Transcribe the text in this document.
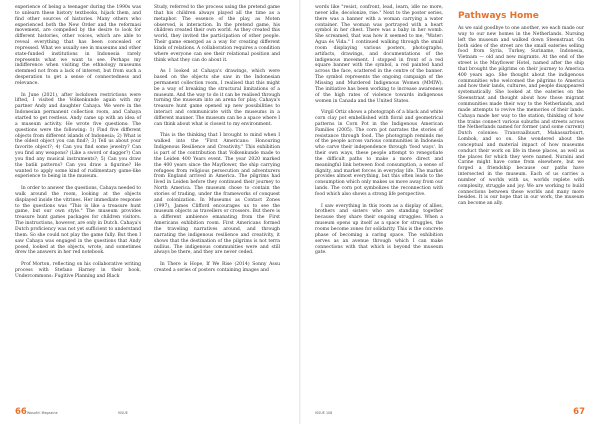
experience of being a teenager during the 1990s was to unlearn these history textbooks, hijack them, and find other sources of histories. Many others who experienced both the New Order and the reformasi movement, are compelled by the desire to look for different histories, other voices, which are able to reveal everything that has been concealed or repressed. What we usually see in museums and other state-funded institutions in Indonesia rarely represents what we want to see. Perhaps my indifference when visiting the ethnology museums stemmed not from a lack of interest, but from such a desperation to get a sense of connectedness and relevance.

In June (2021), after lockdown restrictions were lifted, I visited the Volkenkunde again with my partner Andy and daughter Cahaya. We were in the Indonesian permanent collection room, and Cahaya started to get restless. Andy came up with an idea of a museum activity. He wrote five questions: The questions were the following: 1) Find five different objects from different islands of Indonesia; 2) What is the oldest object you can find?; 3) Tell us about your favorite object?; 4) Can you find some jewelry? Can you find any weapons? (Like a sword or dagger?) Can you find any musical instruments?; 5) Can you draw the batik patterns? Can you draw a figurine? He wanted to apply some kind of rudimentary game-like experience to being in the museum.

In order to answer the questions, Cahaya needed to walk around the room, looking at the objects displayed inside the vitrines. Her immediate response to the questions was "This is like a treasure hunt game, but our own style." The museum provides treasure hunt games packages for children visitors. The instructions, however, are only in Dutch. Cahaya's Dutch proficiency was not yet sufficient to understand them. So she could not play the game fully. But then I saw Cahaya was engaged in the questions that Andy posed, looked at the objects, wrote, and sometimes drew the answers in her red notebook.

Prof Morton, reflecting on his collaborative writing process with Stefano Harney in their book, Undercommons: Fugitive Planning and Black

Study, referred to the process using the pretend game that his children always played all the time as a metaphor. The essence of the play, as Moten observed, is interaction. In the pretend game, his children created their own world. As they created this world, they invited the participation of other people. Their game emerged as a way for creating different kinds of relations. A collaboration requires a condition where everyone can see their relational position and think what they can do about it.

As I looked at Cahaya's drawings, which were based on the objects she saw in the Indonesian permanent collection room, I realised that this might be a way of breaking the structural limitations of a museum. And the way to do it can be realised through turning the museum into an arena for play. Cahaya's treasure hunt game opened up new possibilities to interact and communicate with the museums in a different manner. The museum can be a space where I can think about what is closest to my environment.

This is the thinking that I brought to mind when I walked into the "First Americans: Honouring Indigenous Resilience and Creativity." This exhibition is part of the contribution that Volkenkunde made to the Leiden 400 Years event. The year 2020 marked the 400 years since the Mayflower, the ship carrying refugees from religious persecution and adventurers from England arrived in America. The pilgrims had lived in Leiden before they continued their journey to North America. The museum chose to contain the stories of trading, under the frameworks of conquest and colonization. In Museums as Contact Zones (1997), James Clifford encourages us to see the museum objects as travellers or crossers. But there is a different ambience emanating from the First Americans exhibition room. First Americans formed the traveling narratives around, and through narrating the indigenous resilience and creativity, it shows that the destination of the pilgrims is not terra nullius. The indigenous communities were and still always be there, and they are never ceded.

In There is Hope, If We Rise (2014) Sonny Assu created a series of posters containing images and

66 Wasafiri Magazine	ISSUE

words like "resist, confront, lead, learn, idle no more, never idle, decolonize, rise." Next to the poster series, there was a banner with a woman carrying a water container. The woman was portrayed with a heart symbol in her chest. There was a baby in her womb. She screamed, that was how it seemed to me, "Water: Agua és Vida." I continued walking through the small room displaying various posters, photographs, artifacts, drawings, and documentations of the indigenous movement. I stopped in front of a red square banner with the symbol, a red painted hand across the face, scattered in the centre of the banner. The symbol represents the ongoing campaign of the Missing and Murdered Indigenous Women (MMIW). The initiative has been working to increase awareness of the high rates of violence towards indigenous women in Canada and the United States.

Virgil Ortiz shows a photograph of a black and white corn clay pot embellished with floral and geometrical patterns in Corn Pot in the Indigenous American Families (2005). The corn pot narrates the stories of resistance through food. The photograph reminds me of the people across various communities in Indonesia who carve their independence through 'food ways'. In their own ways, these people attempt to renegotiate the difficult paths to make a more direct and meaningful link between food consumption, a sense of dignity, and market forces in everyday life. The market provides almost everything, but this often leads to the consumption which only makes us move away from our lands. The corn pot symbolizes the reconnection with food which also shows a strong life perspective.

I saw everything in this room as a display of allies, brothers and sisters who are standing together because they share their ongoing struggles. When a museum opens up itself as a space for struggles, the rooms become zones for solidarity. This is the concrete phase of becoming a caring space. The exhibition serves as an avenue through which I can make connections with that which is beyond the museum gate.

Pathways Home

As we said goodbye to one another, we each made our way to our new homes in the Netherlands. Nursing left the museum and walked down Steenstraat. On both sides of the street are the small eateries selling food from Syria, Turkey, Suriname, Indonesia, Vietnam — old and new migrants. At the end of the street is the Mayflower Hotel, named after the ship that brought the pilgrims on their journey to America 400 years ago. She thought about the indigenous communities who welcomed the pilgrims to America and how their lands, cultures, and people disappeared systematically. She looked at the eateries on the Steenstraat and thought about how those migrant communities made their way to the Netherlands, and made attempts to revive the memories of their lands. Cahaya made her way to the station, thinking of how the trains connect various suburbs and streets across the Netherlands named for former (and some current) Dutch colonies: Transvaalbuurt, Makassarbuurt, Lombok, and so on. She wondered about the conceptual and material impact of how museums conduct their work on life in these places, as well as the places for which they were named. Nuraini and Carine might have come from elsewhere, but we forged a friendship because our paths have intersected in the museum. Each of us carries a number of worlds with us, worlds replete with complexity, struggle and joy. We are working to build connections between these worlds and many more besides. It is our hope that in our work, the museum can become an ally.

ISSUE 108	67
